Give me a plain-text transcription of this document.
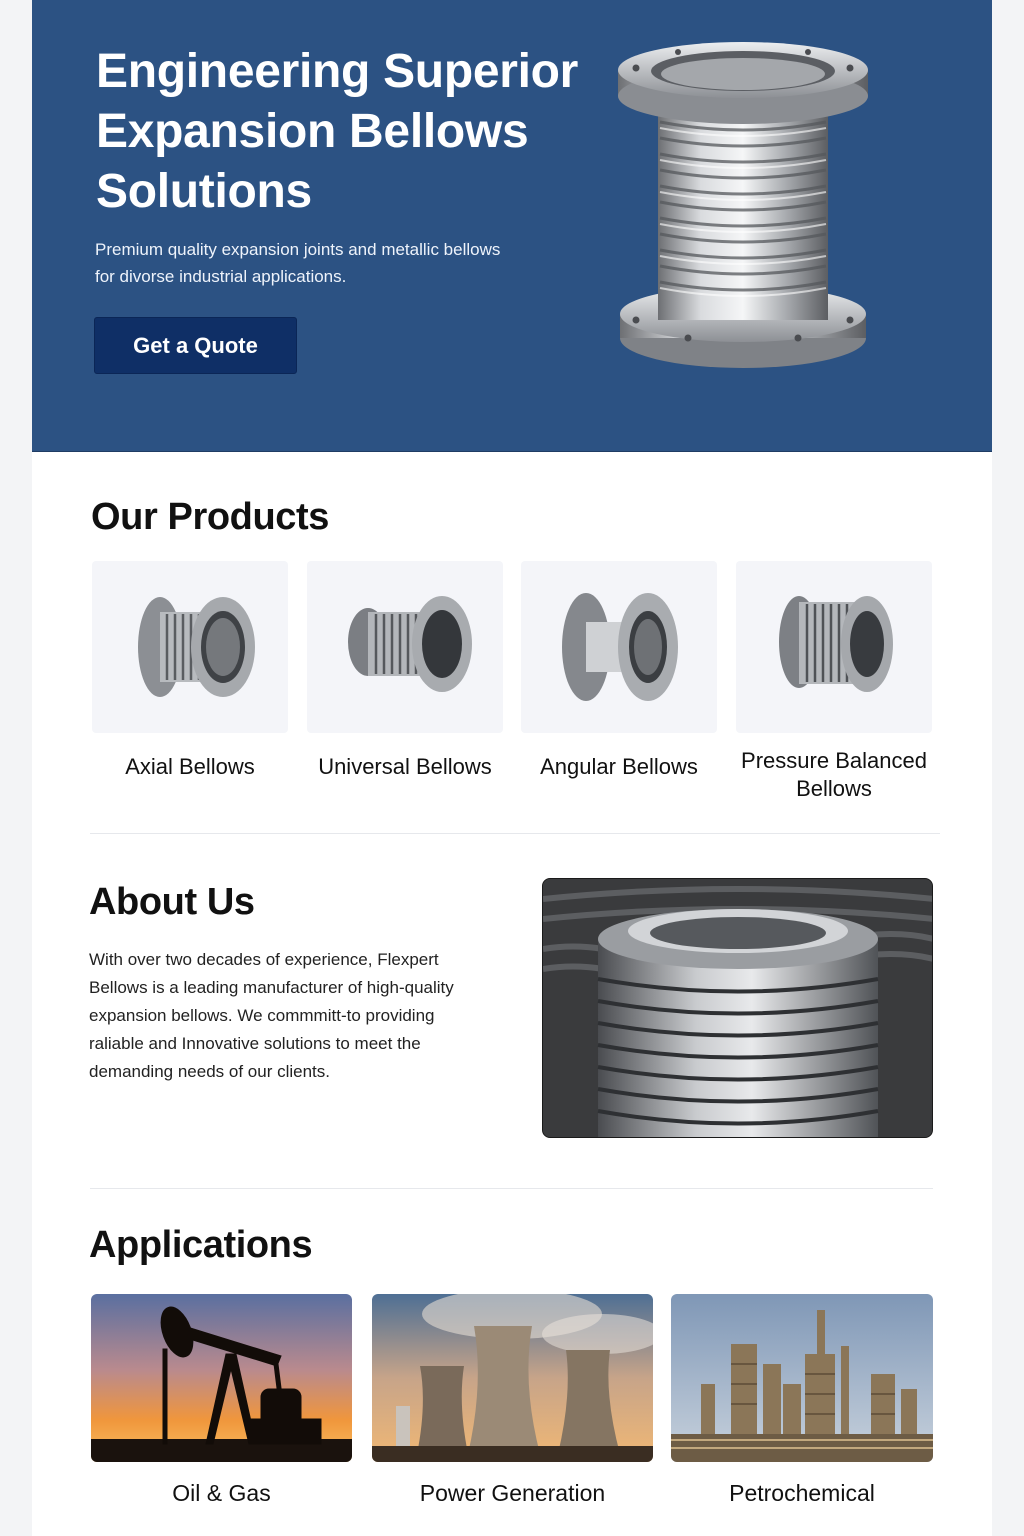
Engineering Superior Expansion Bellows Solutions

Premium quality expansion joints and metallic bellows for divorse industrial applications.

Get a Quote
Our Products
Axial Bellows	Universal Bellows	Angular Bellows	Pressure Balanced Bellows
About Us

With over two decades of experience, Flexpert Bellows is a leading manufacturer of high-quality expansion bellows. We commmitt-to providing raliable and Innovative solutions to meet the demanding needs of our clients.

Applications
Oil & Gas	Power Generation	Petrochemical
